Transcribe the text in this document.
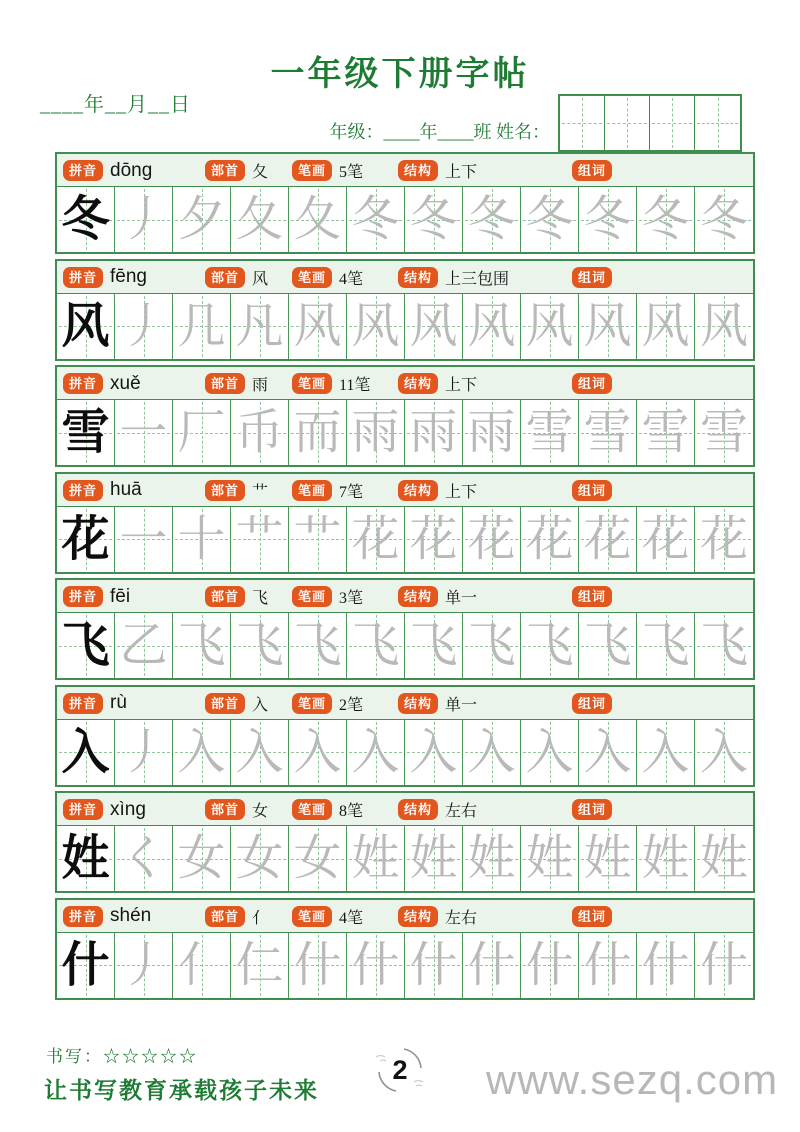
一年级下册字帖
____年__月__日
年级：____年____班 姓名：
拼音 dōng	部首 夂	笔画 5笔	结构 上下	组词
冬 丿 夕 夂 夂 冬 冬 冬 冬 冬 冬 冬
拼音 fēng	部首 风	笔画 4笔	结构 上三包围	组词
风 丿 几 凡 风 风 风 风 风 风 风 风
拼音 xuě	部首 雨	笔画 11笔	结构 上下	组词
雪 一 厂 币 而 雨 雨 雨 雪 雪 雪 雪
拼音 huā	部首 艹	笔画 7笔	结构 上下	组词
花 一 十 艹 艹 花 花 花 花 花 花 花
拼音 fēi	部首 飞	笔画 3笔	结构 单一	组词
飞 乙 飞 飞 飞 飞 飞 飞 飞 飞 飞 飞
拼音 rù	部首 入	笔画 2笔	结构 单一	组词
入 丿 入 入 入 入 入 入 入 入 入 入
拼音 xìng	部首 女	笔画 8笔	结构 左右	组词
姓 く 女 女 女 姓 姓 姓 姓 姓 姓 姓
拼音 shén	部首 亻	笔画 4笔	结构 左右	组词
什 丿 亻 仁 什 什 什 什 什 什 什 什
书写：☆☆☆☆☆
让书写教育承载孩子未来
2	www.sezq.com
